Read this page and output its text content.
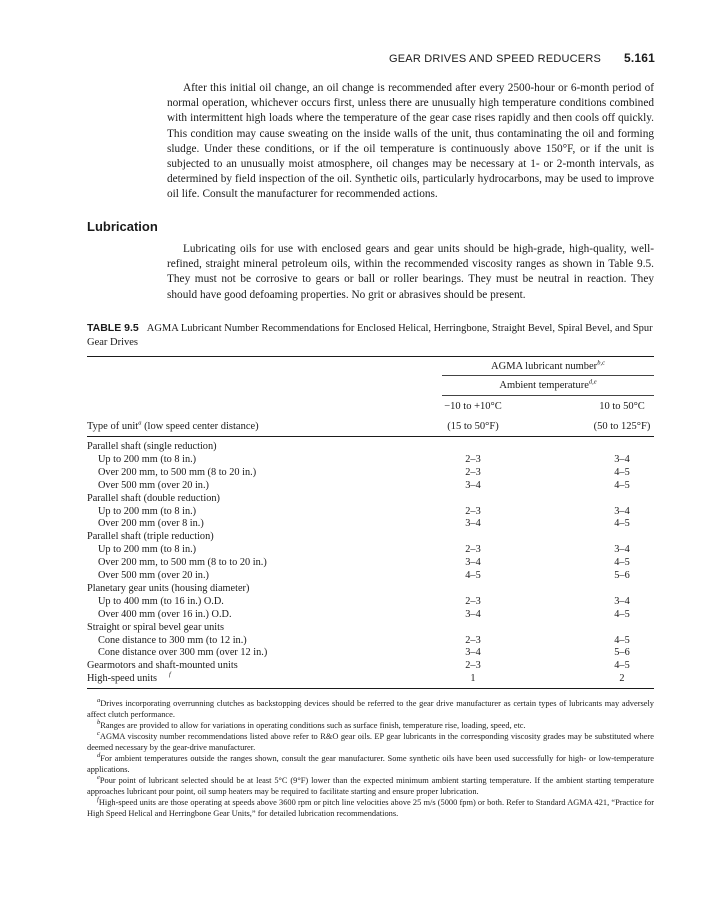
GEAR DRIVES AND SPEED REDUCERS 5.161
After this initial oil change, an oil change is recommended after every 2500-hour or 6-month period of normal operation, whichever occurs first, unless there are unusually high temperature conditions combined with intermittent high loads where the temperature of the gear case rises rapidly and then cools off quickly. This condition may cause sweating on the inside walls of the unit, thus contaminating the oil and forming sludge. Under these conditions, or if the oil temperature is continuously above 150°F, or if the unit is subjected to an unusually moist atmosphere, oil changes may be necessary at 1- or 2-month intervals, as determined by field inspection of the oil. Synthetic oils, particularly hydrocarbons, may be used to improve oil life. Consult the manufacturer for recommended actions.
Lubrication
Lubricating oils for use with enclosed gears and gear units should be high-grade, high-quality, well-refined, straight mineral petroleum oils, within the recommended viscosity ranges as shown in Table 9.5. They must not be corrosive to gears or ball or roller bearings. They must be neutral in reaction. They should have good defoaming properties. No grit or abrasives should be present.
TABLE 9.5 AGMA Lubricant Number Recommendations for Enclosed Helical, Herringbone, Straight Bevel, Spiral Bevel, and Spur Gear Drives
AGMA lubricant number$^{b,c}$
Ambient temperature$^{d,e}$
−10 to +10°C	10 to 50°C
Type of unit$^a$ (low speed center distance)	(15 to 50°F)	(50 to 125°F)
Parallel shaft (single reduction)
Up to 200 mm (to 8 in.)	2–3	3–4
Over 200 mm, to 500 mm (8 to 20 in.)	2–3	4–5
Over 500 mm (over 20 in.)	3–4	4–5
Parallel shaft (double reduction)
Up to 200 mm (to 8 in.)	2–3	3–4
Over 200 mm (over 8 in.)	3–4	4–5
Parallel shaft (triple reduction)
Up to 200 mm (to 8 in.)	2–3	3–4
Over 200 mm, to 500 mm (8 to to 20 in.)	3–4	4–5
Over 500 mm (over 20 in.)	4–5	5–6
Planetary gear units (housing diameter)
Up to 400 mm (to 16 in.) O.D.	2–3	3–4
Over 400 mm (over 16 in.) O.D.	3–4	4–5
Straight or spiral bevel gear units
Cone distance to 300 mm (to 12 in.)	2–3	4–5
Cone distance over 300 mm (over 12 in.)	3–4	5–6
Gearmotors and shaft-mounted units	2–3	4–5
High-speed units f	1	2
$^a$Drives incorporating overrunning clutches as backstopping devices should be referred to the gear drive manufacturer as certain types of lubricants may adversely affect clutch performance.
$^b$Ranges are provided to allow for variations in operating conditions such as surface finish, temperature rise, loading, speed, etc.
$^c$AGMA viscosity number recommendations listed above refer to R&O gear oils. EP gear lubricants in the corresponding viscosity grades may be substituted where deemed necessary by the gear-drive manufacturer.
$^d$For ambient temperatures outside the ranges shown, consult the gear manufacturer. Some synthetic oils have been used successfully for high- or low-temperature applications.
$^e$Pour point of lubricant selected should be at least 5°C (9°F) lower than the expected minimum ambient starting temperature. If the ambient starting temperature approaches lubricant pour point, oil sump heaters may be required to facilitate starting and ensure proper lubrication.
$^f$High-speed units are those operating at speeds above 3600 rpm or pitch line velocities above 25 m/s (5000 fpm) or both. Refer to Standard AGMA 421, “Practice for High Speed Helical and Herringbone Gear Units,” for detailed lubrication recommendations.
